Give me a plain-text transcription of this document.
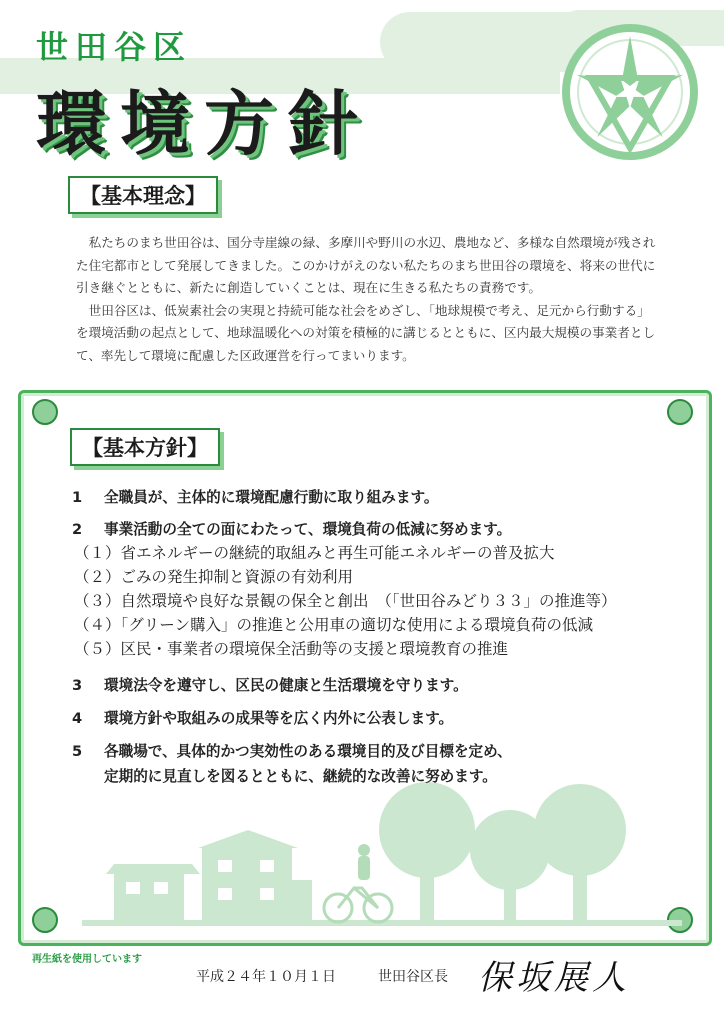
世田谷区
環境方針
【基本理念】

私たちのまち世田谷は、国分寺崖線の緑、多摩川や野川の水辺、農地など、多様な自然環境が残された住宅都市として発展してきました。このかけがえのない私たちのまち世田谷の環境を、将来の世代に引き継ぐとともに、新たに創造していくことは、現在に生きる私たちの責務です。

世田谷区は、低炭素社会の実現と持続可能な社会をめざし、「地球規模で考え、足元から行動する」を環境活動の起点として、地球温暖化への対策を積極的に講じるとともに、区内最大規模の事業者として、率先して環境に配慮した区政運営を行ってまいります。

【基本方針】
1 全職員が、主体的に環境配慮行動に取り組みます。
2 事業活動の全ての面にわたって、環境負荷の低減に努めます。
（１）省エネルギーの継続的取組みと再生可能エネルギーの普及拡大
（２）ごみの発生抑制と資源の有効利用
（３）自然環境や良好な景観の保全と創出　（「世田谷みどり３３」の推進等）
（４）「グリーン購入」の推進と公用車の適切な使用による環境負荷の低減
（５）区民・事業者の環境保全活動等の支援と環境教育の推進
3 環境法令を遵守し、区民の健康と生活環境を守ります。
4 環境方針や取組みの成果等を広く内外に公表します。
5 各職場で、具体的かつ実効性のある環境目的及び目標を定め、
定期的に見直しを図るとともに、継続的な改善に努めます。
再生紙を使用しています
平成２４年１０月１日	世田谷区長 保坂展人
